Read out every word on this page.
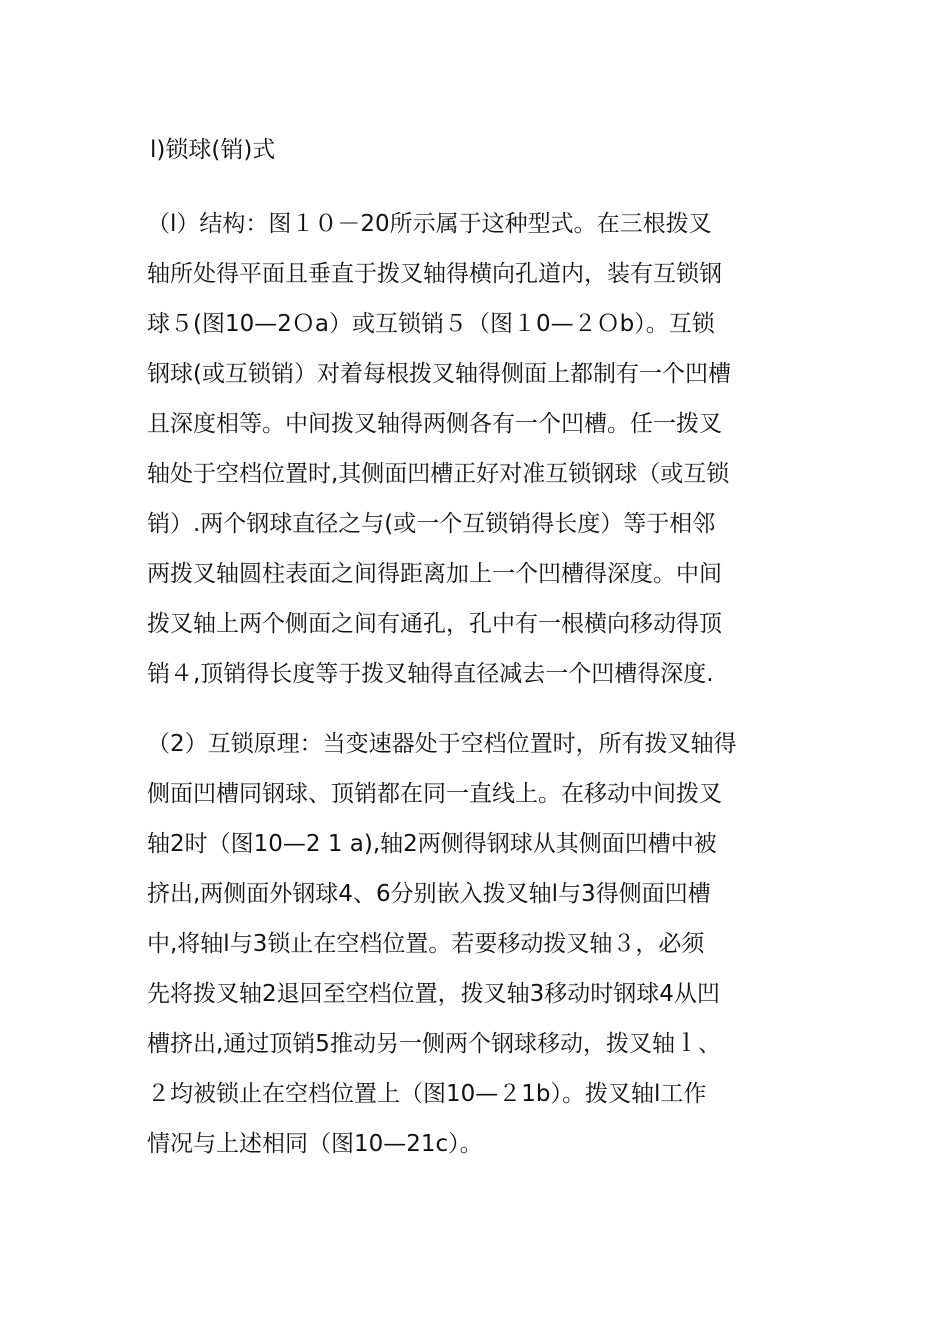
l)锁球(销)式
（l）结构：图１０－20所示属于这种型式。在三根拨叉
轴所处得平面且垂直于拨叉轴得横向孔道内，装有互锁钢
球５(图10—2Ｏa）或互锁销５（图１0—２Ｏb）。互锁
钢球(或互锁销）对着每根拨叉轴得侧面上都制有一个凹槽
且深度相等。中间拨叉轴得两侧各有一个凹槽。任一拨叉
轴处于空档位置时,其侧面凹槽正好对准互锁钢球（或互锁
销）.两个钢球直径之与(或一个互锁销得长度）等于相邻
两拨叉轴圆柱表面之间得距离加上一个凹槽得深度。中间
拨叉轴上两个侧面之间有通孔，孔中有一根横向移动得顶
销４,顶销得长度等于拨叉轴得直径减去一个凹槽得深度.
（2）互锁原理：当变速器处于空档位置时，所有拨叉轴得
侧面凹槽同钢球、顶销都在同一直线上。在移动中间拨叉
轴2时（图10—2 1 a),轴2两侧得钢球从其侧面凹槽中被
挤出,两侧面外钢球4、6分别嵌入拨叉轴l与3得侧面凹槽
中,将轴l与3锁止在空档位置。若要移动拨叉轴３，必须
先将拨叉轴2退回至空档位置，拨叉轴3移动时钢球4从凹
槽挤出,通过顶销5推动另一侧两个钢球移动，拨叉轴ｌ、
２均被锁止在空档位置上（图10—２1b）。拨叉轴l工作
情况与上述相同（图10—21c）。
